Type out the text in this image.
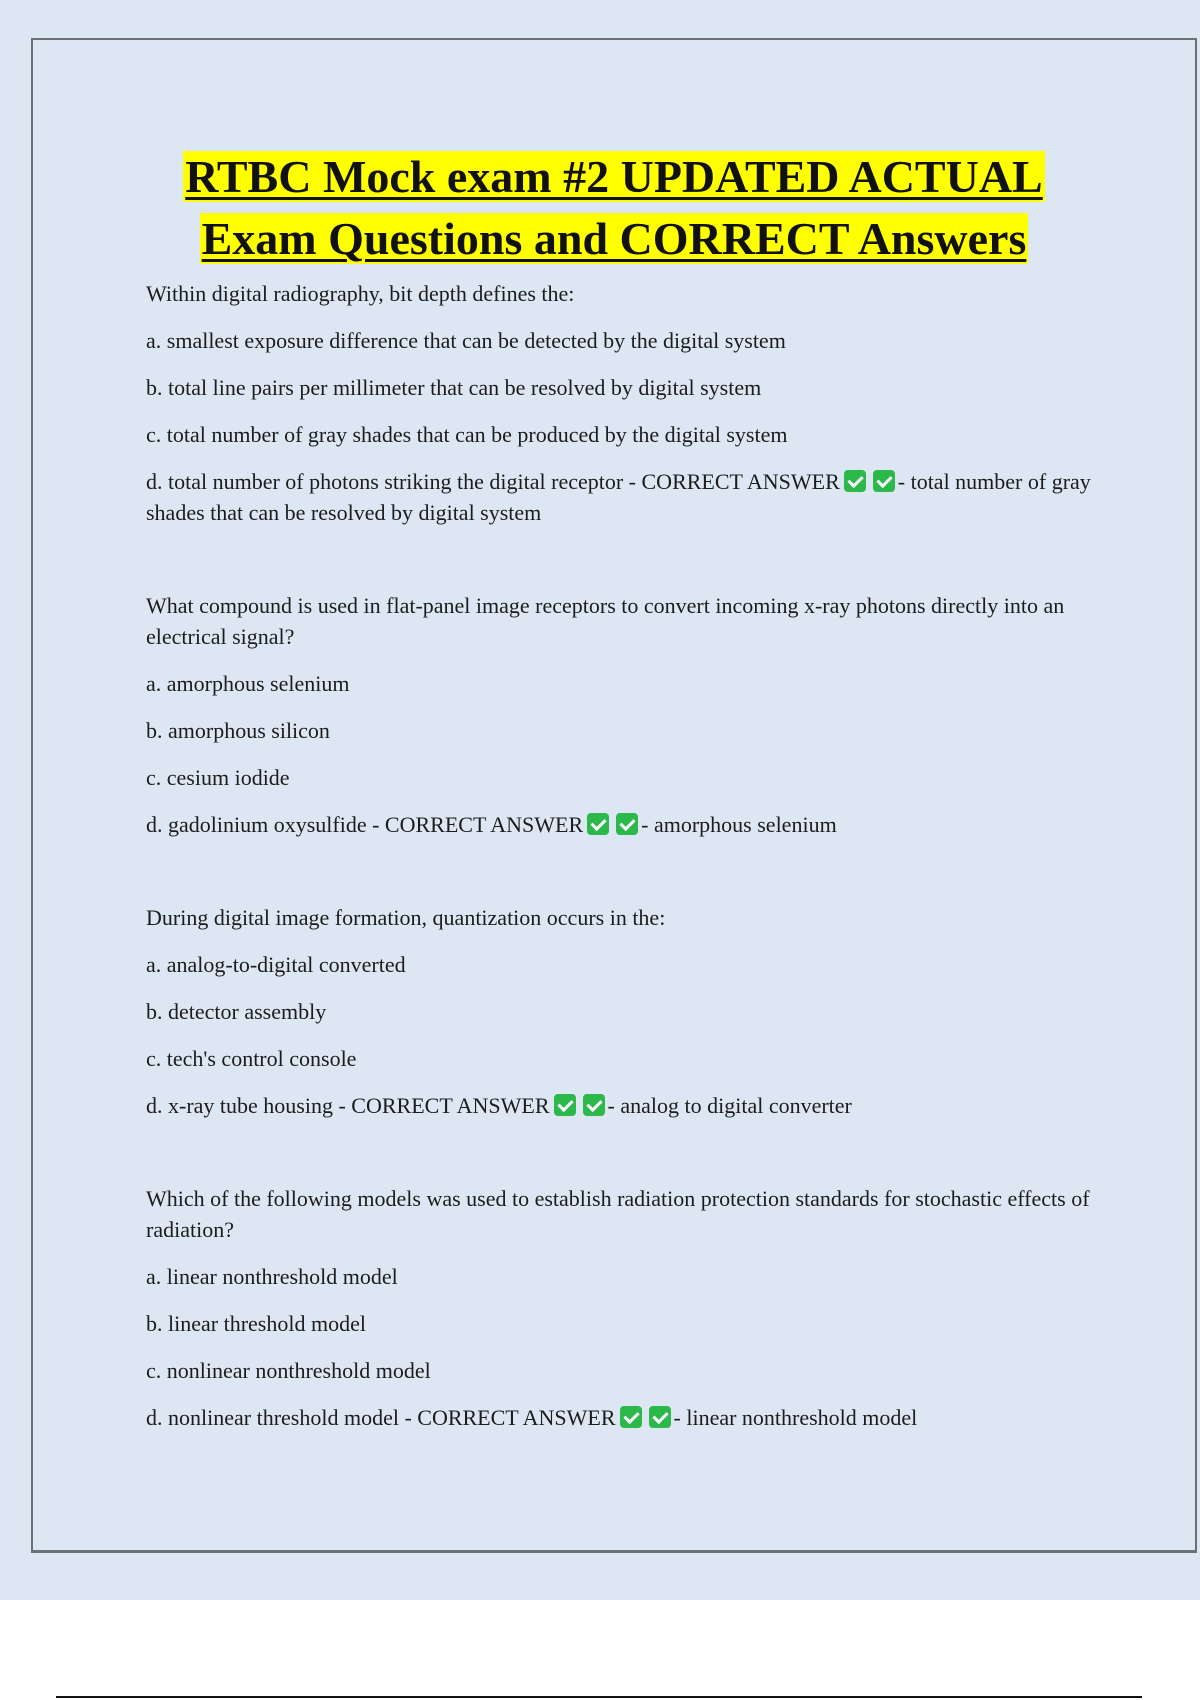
RTBC Mock exam #2 UPDATED ACTUAL
Exam Questions and CORRECT Answers

Within digital radiography, bit depth defines the:

a. smallest exposure difference that can be detected by the digital system

b. total line pairs per millimeter that can be resolved by digital system

c. total number of gray shades that can be produced by the digital system

d. total number of photons striking the digital receptor - CORRECT ANSWER	- total number of gray shades that can be resolved by digital system

What compound is used in flat-panel image receptors to convert incoming x-ray photons directly into an electrical signal?

a. amorphous selenium

b. amorphous silicon

c. cesium iodide

d. gadolinium oxysulfide - CORRECT ANSWER	- amorphous selenium

During digital image formation, quantization occurs in the:

a. analog-to-digital converted

b. detector assembly

c. tech's control console

d. x-ray tube housing - CORRECT ANSWER	- analog to digital converter

Which of the following models was used to establish radiation protection standards for stochastic effects of radiation?

a. linear nonthreshold model

b. linear threshold model

c. nonlinear nonthreshold model

d. nonlinear threshold model - CORRECT ANSWER	- linear nonthreshold model
